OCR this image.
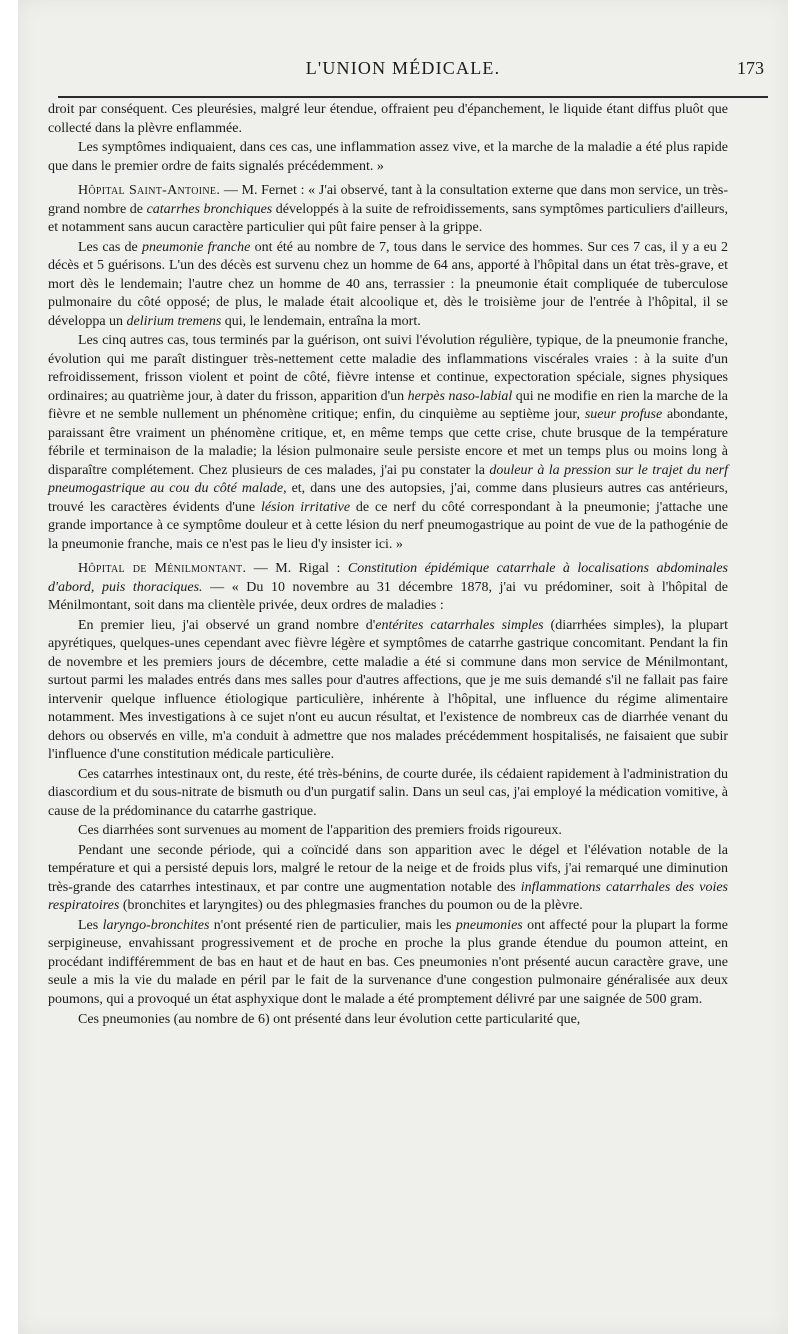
L'UNION MÉDICALE.	173

droit par conséquent. Ces pleurésies, malgré leur étendue, offraient peu d'épanchement, le liquide étant diffus pluôt que collecté dans la plèvre enflammée.

Les symptômes indiquaient, dans ces cas, une inflammation assez vive, et la marche de la maladie a été plus rapide que dans le premier ordre de faits signalés précédemment. »

Hôpital Saint-Antoine. — M. Fernet : « J'ai observé, tant à la consultation externe que dans mon service, un très-grand nombre de catarrhes bronchiques développés à la suite de refroidissements, sans symptômes particuliers d'ailleurs, et notamment sans aucun caractère particulier qui pût faire penser à la grippe.

Les cas de pneumonie franche ont été au nombre de 7, tous dans le service des hommes. Sur ces 7 cas, il y a eu 2 décès et 5 guérisons. L'un des décès est survenu chez un homme de 64 ans, apporté à l'hôpital dans un état très-grave, et mort dès le lendemain; l'autre chez un homme de 40 ans, terrassier : la pneumonie était compliquée de tuberculose pulmonaire du côté opposé; de plus, le malade était alcoolique et, dès le troisième jour de l'entrée à l'hôpital, il se développa un delirium tremens qui, le lendemain, entraîna la mort.

Les cinq autres cas, tous terminés par la guérison, ont suivi l'évolution régulière, typique, de la pneumonie franche, évolution qui me paraît distinguer très-nettement cette maladie des inflammations viscérales vraies : à la suite d'un refroidissement, frisson violent et point de côté, fièvre intense et continue, expectoration spéciale, signes physiques ordinaires; au quatrième jour, à dater du frisson, apparition d'un herpès naso-labial qui ne modifie en rien la marche de la fièvre et ne semble nullement un phénomène critique; enfin, du cinquième au septième jour, sueur profuse abondante, paraissant être vraiment un phénomène critique, et, en même temps que cette crise, chute brusque de la température fébrile et terminaison de la maladie; la lésion pulmonaire seule persiste encore et met un temps plus ou moins long à disparaître complétement. Chez plusieurs de ces malades, j'ai pu constater la douleur à la pression sur le trajet du nerf pneumogastrique au cou du côté malade, et, dans une des autopsies, j'ai, comme dans plusieurs autres cas antérieurs, trouvé les caractères évidents d'une lésion irritative de ce nerf du côté correspondant à la pneumonie; j'attache une grande importance à ce symptôme douleur et à cette lésion du nerf pneumogastrique au point de vue de la pathogénie de la pneumonie franche, mais ce n'est pas le lieu d'y insister ici. »

Hôpital de Ménilmontant. — M. Rigal : Constitution épidémique catarrhale à localisations abdominales d'abord, puis thoraciques. — « Du 10 novembre au 31 décembre 1878, j'ai vu prédominer, soit à l'hôpital de Ménilmontant, soit dans ma clientèle privée, deux ordres de maladies :

En premier lieu, j'ai observé un grand nombre d'entérites catarrhales simples (diarrhées simples), la plupart apyrétiques, quelques-unes cependant avec fièvre légère et symptômes de catarrhe gastrique concomitant. Pendant la fin de novembre et les premiers jours de décembre, cette maladie a été si commune dans mon service de Ménilmontant, surtout parmi les malades entrés dans mes salles pour d'autres affections, que je me suis demandé s'il ne fallait pas faire intervenir quelque influence étiologique particulière, inhérente à l'hôpital, une influence du régime alimentaire notamment. Mes investigations à ce sujet n'ont eu aucun résultat, et l'existence de nombreux cas de diarrhée venant du dehors ou observés en ville, m'a conduit à admettre que nos malades précédemment hospitalisés, ne faisaient que subir l'influence d'une constitution médicale particulière.

Ces catarrhes intestinaux ont, du reste, été très-bénins, de courte durée, ils cédaient rapidement à l'administration du diascordium et du sous-nitrate de bismuth ou d'un purgatif salin. Dans un seul cas, j'ai employé la médication vomitive, à cause de la prédominance du catarrhe gastrique.

Ces diarrhées sont survenues au moment de l'apparition des premiers froids rigoureux.

Pendant une seconde période, qui a coïncidé dans son apparition avec le dégel et l'élévation notable de la température et qui a persisté depuis lors, malgré le retour de la neige et de froids plus vifs, j'ai remarqué une diminution très-grande des catarrhes intestinaux, et par contre une augmentation notable des inflammations catarrhales des voies respiratoires (bronchites et laryngites) ou des phlegmasies franches du poumon ou de la plèvre.

Les laryngo-bronchites n'ont présenté rien de particulier, mais les pneumonies ont affecté pour la plupart la forme serpigineuse, envahissant progressivement et de proche en proche la plus grande étendue du poumon atteint, en procédant indifféremment de bas en haut et de haut en bas. Ces pneumonies n'ont présenté aucun caractère grave, une seule a mis la vie du malade en péril par le fait de la survenance d'une congestion pulmonaire généralisée aux deux poumons, qui a provoqué un état asphyxique dont le malade a été promptement délivré par une saignée de 500 gram.

Ces pneumonies (au nombre de 6) ont présenté dans leur évolution cette particularité que,
